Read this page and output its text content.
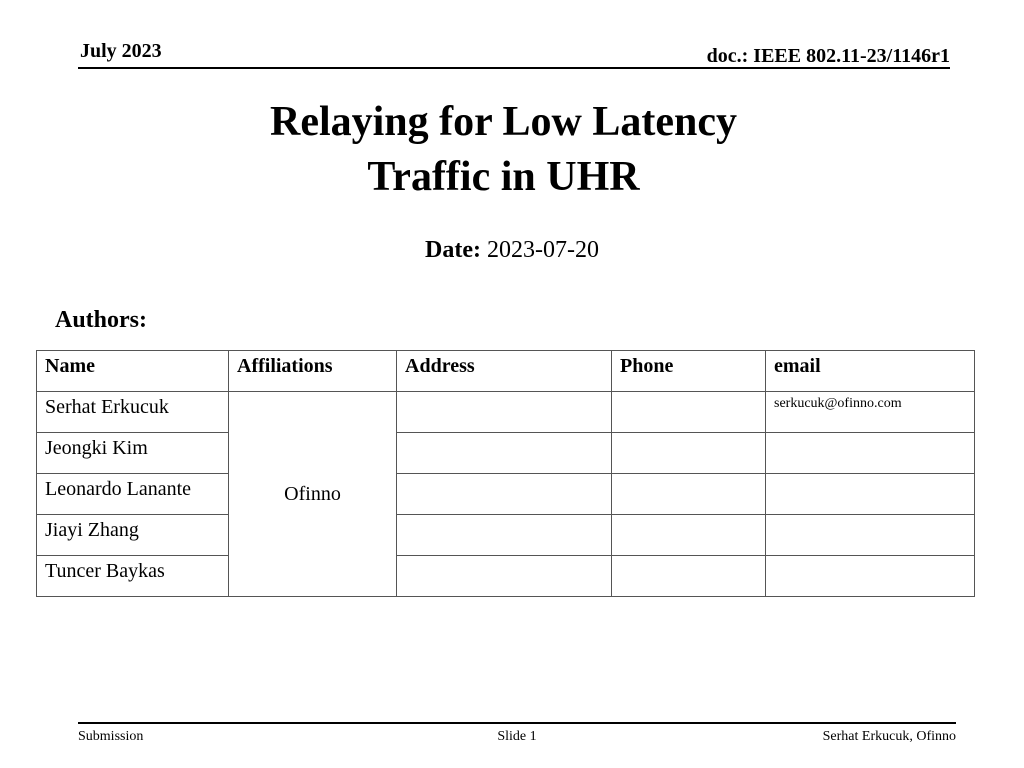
July 2023	doc.: IEEE 802.11-23/1146r1
Relaying for Low Latency
Traffic in UHR
Date: 2023-07-20
Authors:
Name	Affiliations	Address	Phone	email
Serhat Erkucuk	Ofinno			serkucuk@ofinno.com
Jeongki Kim				
Leonardo Lanante				
Jiayi Zhang				
Tuncer Baykas				
Submission	Slide 1	Serhat Erkucuk, Ofinno
